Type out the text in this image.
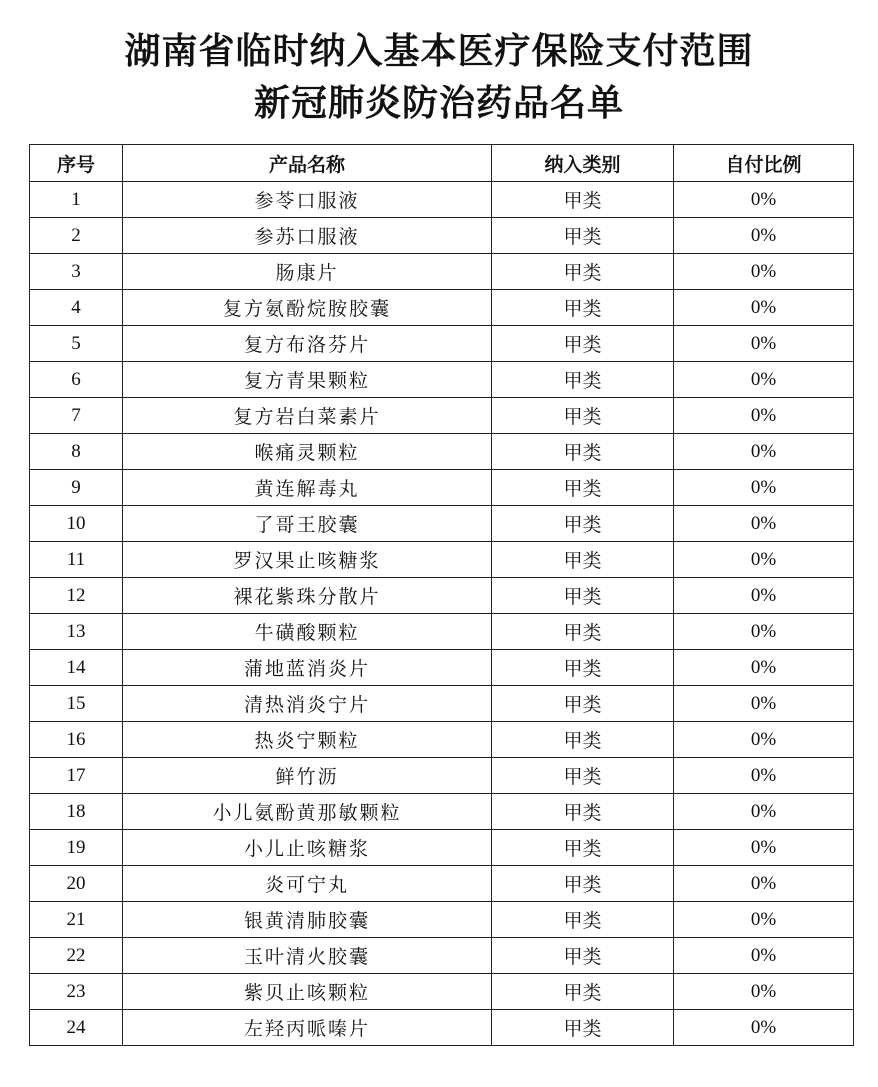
湖南省临时纳入基本医疗保险支付范围
新冠肺炎防治药品名单
序号	产品名称	纳入类别	自付比例
1	参苓口服液	甲类	0%
2	参苏口服液	甲类	0%
3	肠康片	甲类	0%
4	复方氨酚烷胺胶囊	甲类	0%
5	复方布洛芬片	甲类	0%
6	复方青果颗粒	甲类	0%
7	复方岩白菜素片	甲类	0%
8	喉痛灵颗粒	甲类	0%
9	黄连解毒丸	甲类	0%
10	了哥王胶囊	甲类	0%
11	罗汉果止咳糖浆	甲类	0%
12	裸花紫珠分散片	甲类	0%
13	牛磺酸颗粒	甲类	0%
14	蒲地蓝消炎片	甲类	0%
15	清热消炎宁片	甲类	0%
16	热炎宁颗粒	甲类	0%
17	鲜竹沥	甲类	0%
18	小儿氨酚黄那敏颗粒	甲类	0%
19	小儿止咳糖浆	甲类	0%
20	炎可宁丸	甲类	0%
21	银黄清肺胶囊	甲类	0%
22	玉叶清火胶囊	甲类	0%
23	紫贝止咳颗粒	甲类	0%
24	左羟丙哌嗪片	甲类	0%
